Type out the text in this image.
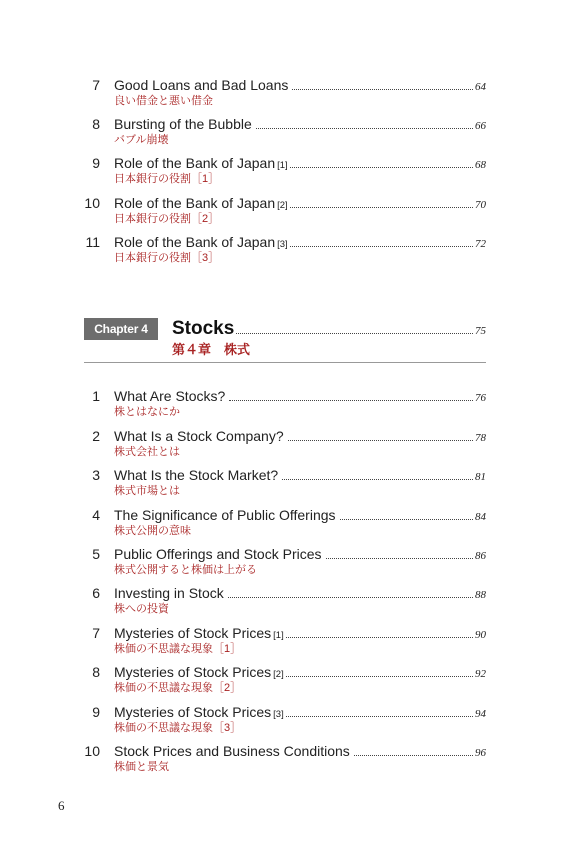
7 Good Loans and Bad Loans	64
良い借金と悪い借金
8 Bursting of the Bubble	66
バブル崩壊
9 Role of the Bank of Japan [1]	68
日本銀行の役割［1］
10 Role of the Bank of Japan [2]	70
日本銀行の役割［2］
11 Role of the Bank of Japan [3]	72
日本銀行の役割［3］
Chapter 4	Stocks	75
第４章　株式
1 What Are Stocks?	76
株とはなにか
2 What Is a Stock Company?	78
株式会社とは
3 What Is the Stock Market?	81
株式市場とは
4 The Significance of Public Offerings	84
株式公開の意味
5 Public Offerings and Stock Prices	86
株式公開すると株価は上がる
6 Investing in Stock	88
株への投資
7 Mysteries of Stock Prices [1]	90
株価の不思議な現象［1］
8 Mysteries of Stock Prices [2]	92
株価の不思議な現象［2］
9 Mysteries of Stock Prices [3]	94
株価の不思議な現象［3］
10 Stock Prices and Business Conditions	96
株価と景気
6
